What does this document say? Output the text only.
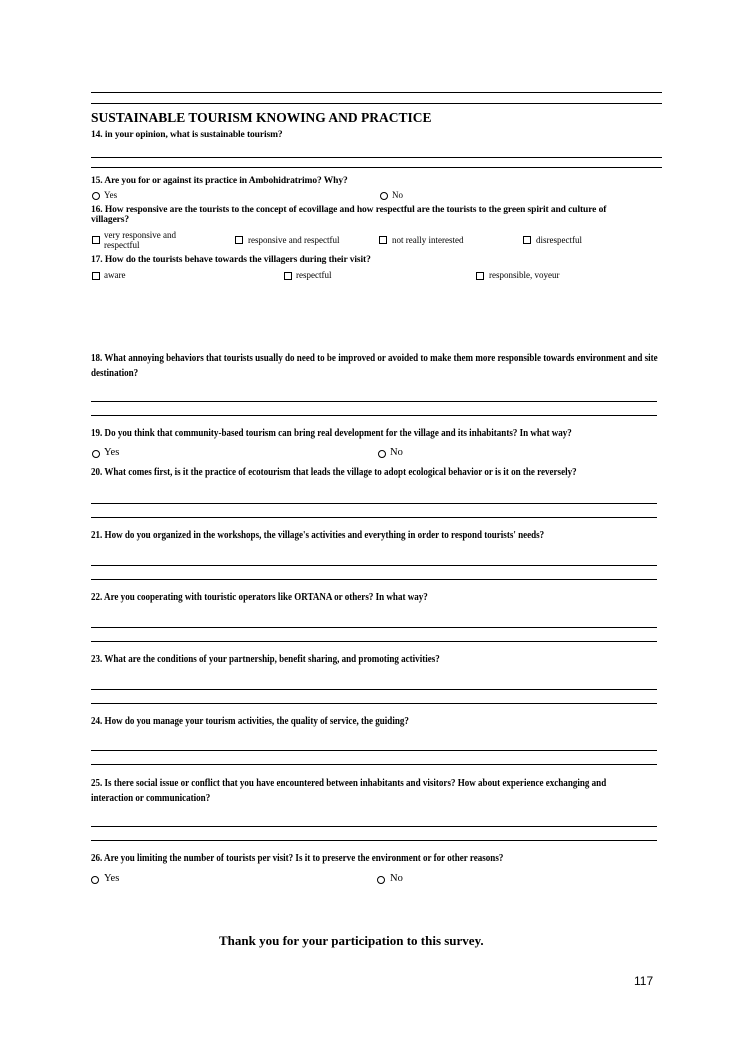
SUSTAINABLE TOURISM KNOWING AND PRACTICE
14. in your opinion, what is sustainable tourism?
15. Are you for or against its practice in Ambohidratrimo? Why?
Yes	No
16. How responsive are the tourists to the concept of ecovillage and how respectful are the tourists to the green spirit and culture of
villagers?
very responsive and
respectful	responsive and respectful	not really interested	disrespectful
17. How do the tourists behave towards the villagers during their visit?
aware	respectful	responsible, voyeur
18. What annoying behaviors that tourists usually do need to be improved or avoided to make them more responsible towards environment and site destination?
19. Do you think that community-based tourism can bring real development for the village and its inhabitants? In what way?
Yes	No
20. What comes first, is it the practice of ecotourism that leads the village to adopt ecological behavior or is it on the reversely?
21. How do you organized in the workshops, the village's activities and everything in order to respond tourists' needs?
22. Are you cooperating with touristic operators like ORTANA or others? In what way?
23. What are the conditions of your partnership, benefit sharing, and promoting activities?
24. How do you manage your tourism activities, the quality of service, the guiding?
25. Is there social issue or conflict that you have encountered between inhabitants and visitors? How about experience exchanging and interaction or communication?
26. Are you limiting the number of tourists per visit? Is it to preserve the environment or for other reasons?
Yes	No
Thank you for your participation to this survey.
117
